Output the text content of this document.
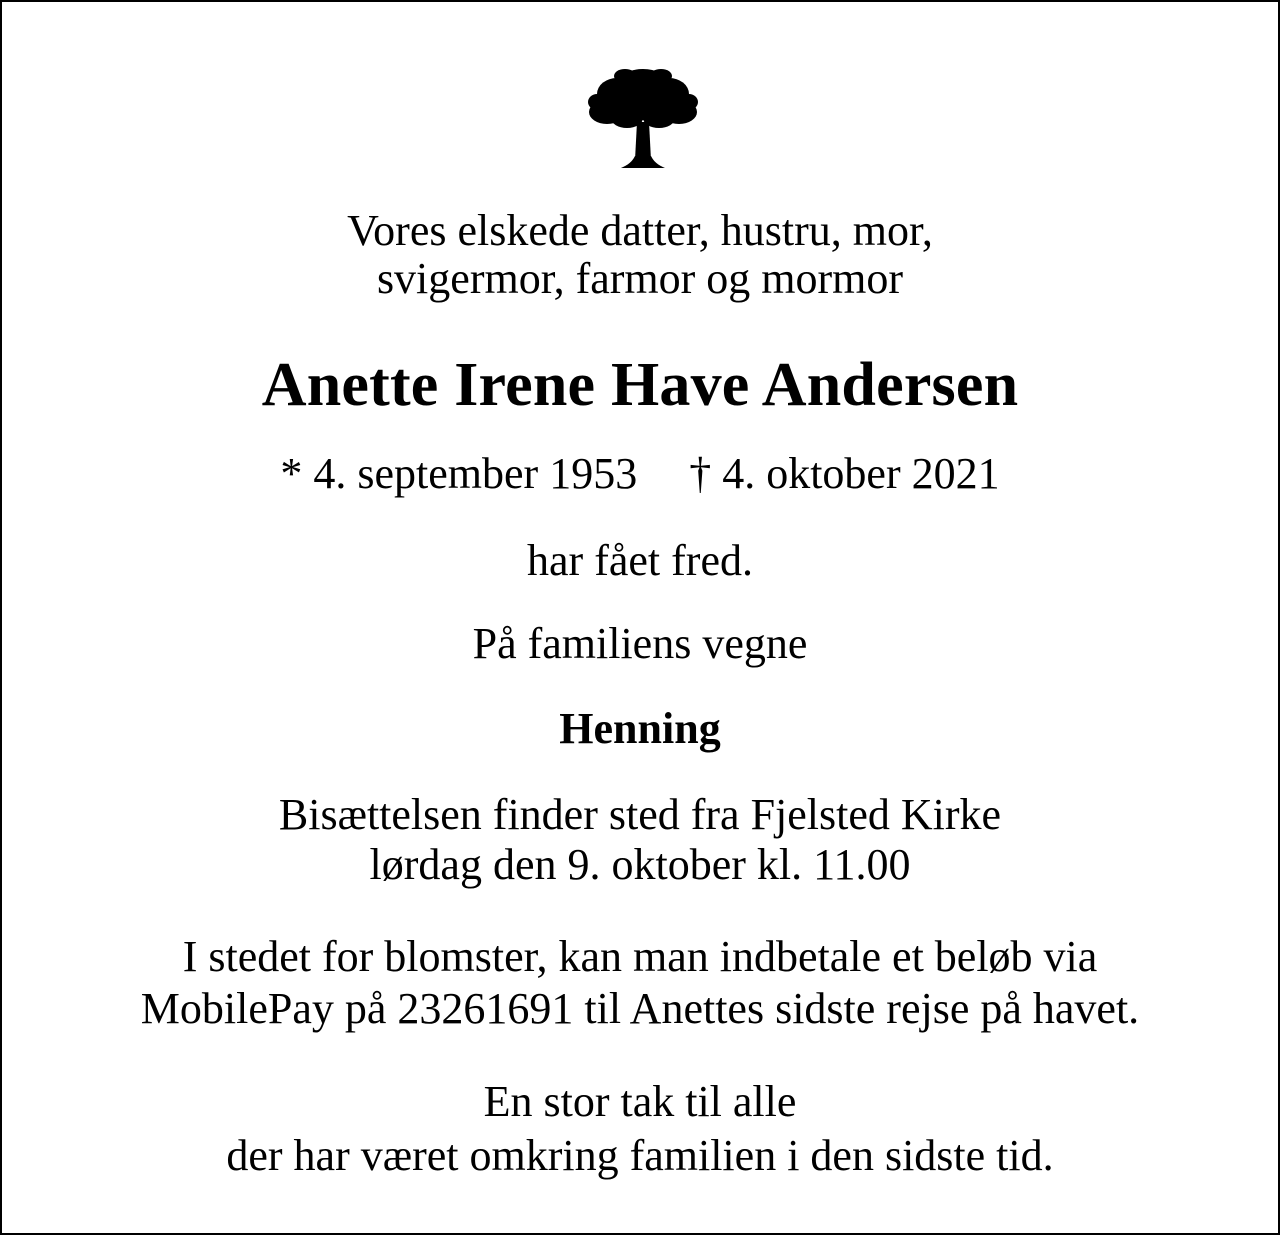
Vores elskede datter, hustru, mor,
svigermor, farmor og mormor
Anette Irene Have Andersen
* 4. september 1953 † 4. oktober 2021
har fået fred.
På familiens vegne
Henning
Bisættelsen finder sted fra Fjelsted Kirke
lørdag den 9. oktober kl. 11.00
I stedet for blomster, kan man indbetale et beløb via
MobilePay på 23261691 til Anettes sidste rejse på havet.
En stor tak til alle
der har været omkring familien i den sidste tid.
